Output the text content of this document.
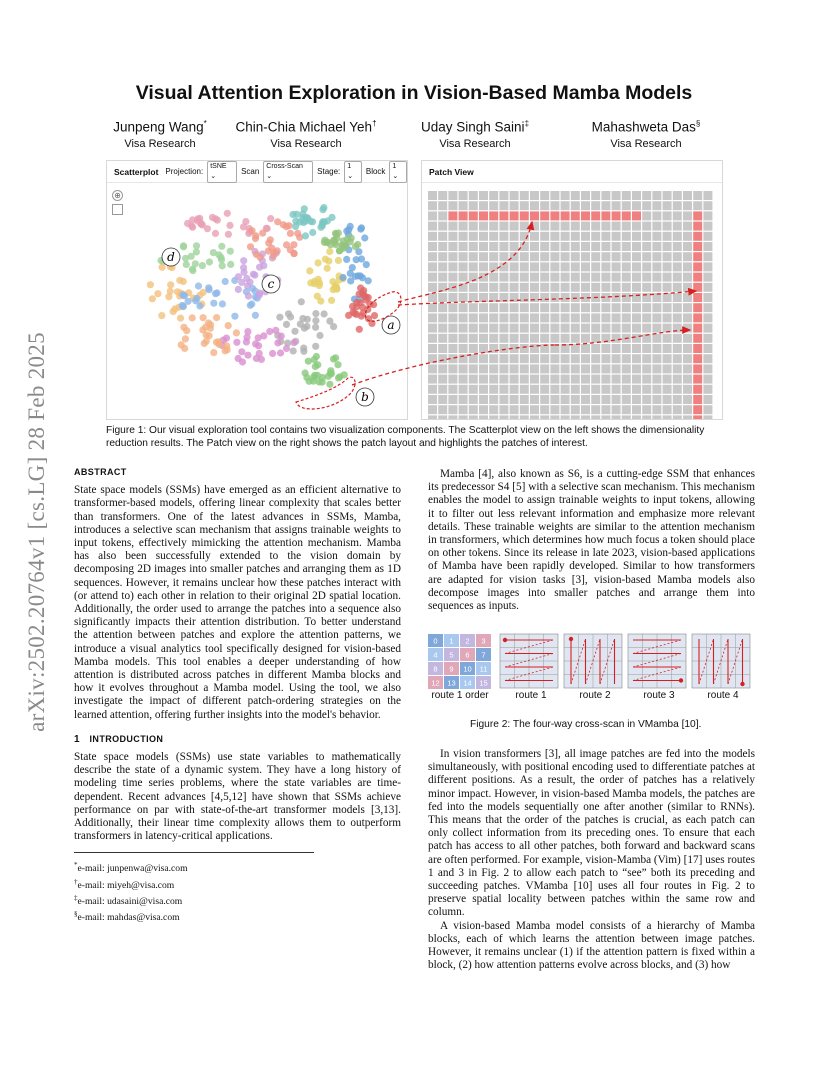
arXiv:2502.20764v1 [cs.LG] 28 Feb 2025
Visual Attention Exploration in Vision-Based Mamba Models
Junpeng Wang*
Visa Research
Chin-Chia Michael Yeh†
Visa Research
Uday Singh Saini‡
Visa Research
Mahashweta Das§
Visa Research
Scatterplot Projection:
tSNE ⌄	Scan
Cross-Scan ⌄	Stage:
1 ⌄	Block
1 ⌄
⊕
a
b
c
d
Patch View
Figure 1: Our visual exploration tool contains two visualization components. The Scatterplot view on the left shows the dimensionality reduction results. The Patch view on the right shows the patch layout and highlights the patches of interest.
ABSTRACT

State space models (SSMs) have emerged as an efficient alternative to transformer-based models, offering linear complexity that scales better than transformers. One of the latest advances in SSMs, Mamba, introduces a selective scan mechanism that assigns trainable weights to input tokens, effectively mimicking the attention mechanism. Mamba has also been successfully extended to the vision domain by decomposing 2D images into smaller patches and arranging them as 1D sequences. However, it remains unclear how these patches interact with (or attend to) each other in relation to their original 2D spatial location. Additionally, the order used to arrange the patches into a sequence also significantly impacts their attention distribution. To better understand the attention between patches and explore the attention patterns, we introduce a visual analytics tool specifically designed for vision-based Mamba models. This tool enables a deeper understanding of how attention is distributed across patches in different Mamba blocks and how it evolves throughout a Mamba model. Using the tool, we also investigate the impact of different patch-ordering strategies on the learned attention, offering further insights into the model's behavior.

1 INTRODUCTION

State space models (SSMs) use state variables to mathematically describe the state of a dynamic system. They have a long history of modeling time series problems, where the state variables are time-dependent. Recent advances [4,5,12] have shown that SSMs achieve performance on par with state-of-the-art transformer models [3,13]. Additionally, their linear time complexity allows them to outperform transformers in latency-critical applications.

*e-mail: junpenwa@visa.com

†e-mail: miyeh@visa.com

‡e-mail: udasaini@visa.com

§e-mail: mahdas@visa.com

Mamba [4], also known as S6, is a cutting-edge SSM that enhances its predecessor S4 [5] with a selective scan mechanism. This mechanism enables the model to assign trainable weights to input tokens, allowing it to filter out less relevant information and emphasize more relevant details. These trainable weights are similar to the attention mechanism in transformers, which determines how much focus a token should place on other tokens. Since its release in late 2023, vision-based applications of Mamba have been rapidly developed. Similar to how transformers are adapted for vision tasks [3], vision-based Mamba models also decompose images into smaller patches and arrange them into sequences as inputs.

0 1 2 3
4 5 6 7
8 9 10 11
12 13 14 15
route 1 order	route 1	route 2	route 3	route 4
Figure 2: The four-way cross-scan in VMamba [10].

In vision transformers [3], all image patches are fed into the models simultaneously, with positional encoding used to differentiate patches at different positions. As a result, the order of patches has a relatively minor impact. However, in vision-based Mamba models, the patches are fed into the models sequentially one after another (similar to RNNs). This means that the order of the patches is crucial, as each patch can only collect information from its preceding ones. To ensure that each patch has access to all other patches, both forward and backward scans are often performed. For example, vision-Mamba (Vim) [17] uses routes 1 and 3 in Fig. 2 to allow each patch to “see” both its preceding and succeeding patches. VMamba [10] uses all four routes in Fig. 2 to preserve spatial locality between patches within the same row and column.

A vision-based Mamba model consists of a hierarchy of Mamba blocks, each of which learns the attention between image patches. However, it remains unclear (1) if the attention pattern is fixed within a block, (2) how attention patterns evolve across blocks, and (3) how
